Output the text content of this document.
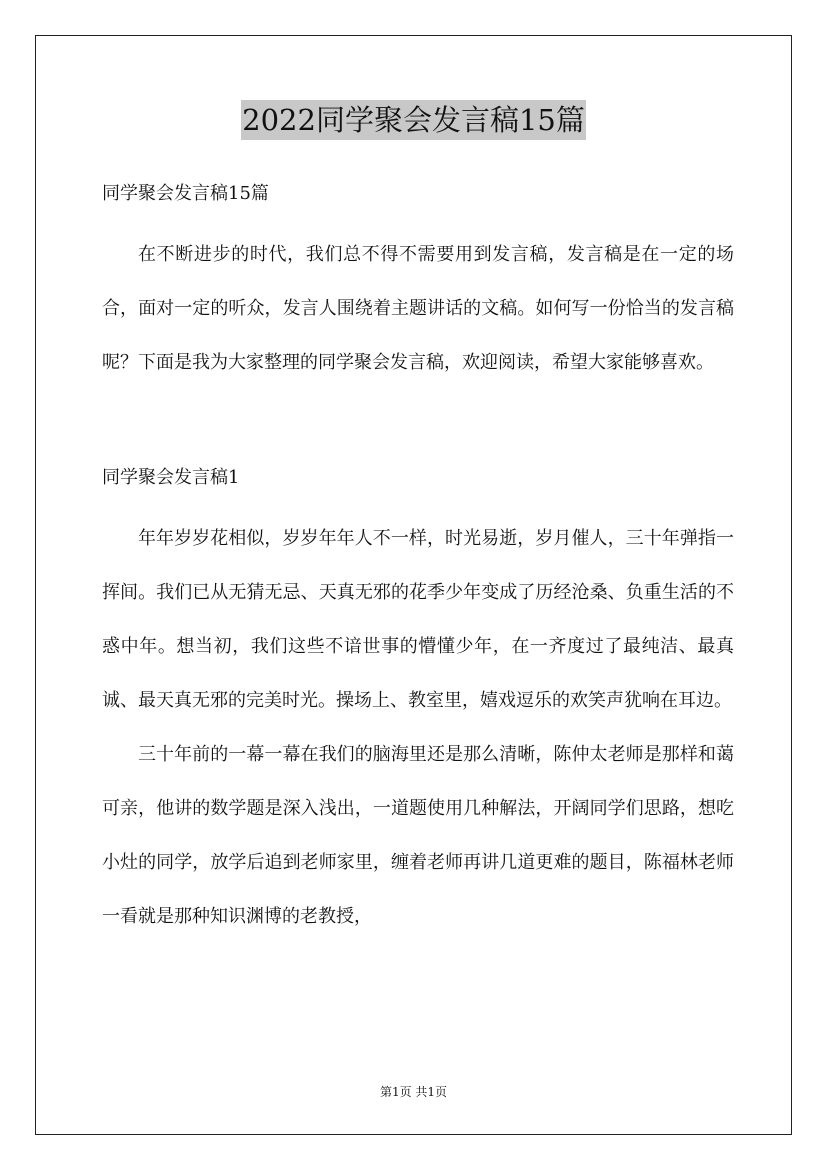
2022同学聚会发言稿15篇

同学聚会发言稿15篇

在不断进步的时代，我们总不得不需要用到发言稿，发言稿是在一定的场合，面对一定的听众，发言人围绕着主题讲话的文稿。如何写一份恰当的发言稿呢？下面是我为大家整理的同学聚会发言稿，欢迎阅读，希望大家能够喜欢。

同学聚会发言稿1

年年岁岁花相似，岁岁年年人不一样，时光易逝，岁月催人，三十年弹指一挥间。我们已从无猜无忌、天真无邪的花季少年变成了历经沧桑、负重生活的不惑中年。想当初，我们这些不谙世事的懵懂少年，在一齐度过了最纯洁、最真诚、最天真无邪的完美时光。操场上、教室里，嬉戏逗乐的欢笑声犹响在耳边。

三十年前的一幕一幕在我们的脑海里还是那么清晰，陈仲太老师是那样和蔼可亲，他讲的数学题是深入浅出，一道题使用几种解法，开阔同学们思路，想吃小灶的同学，放学后追到老师家里，缠着老师再讲几道更难的题目，陈福林老师一看就是那种知识渊博的老教授，

第1页 共1页
